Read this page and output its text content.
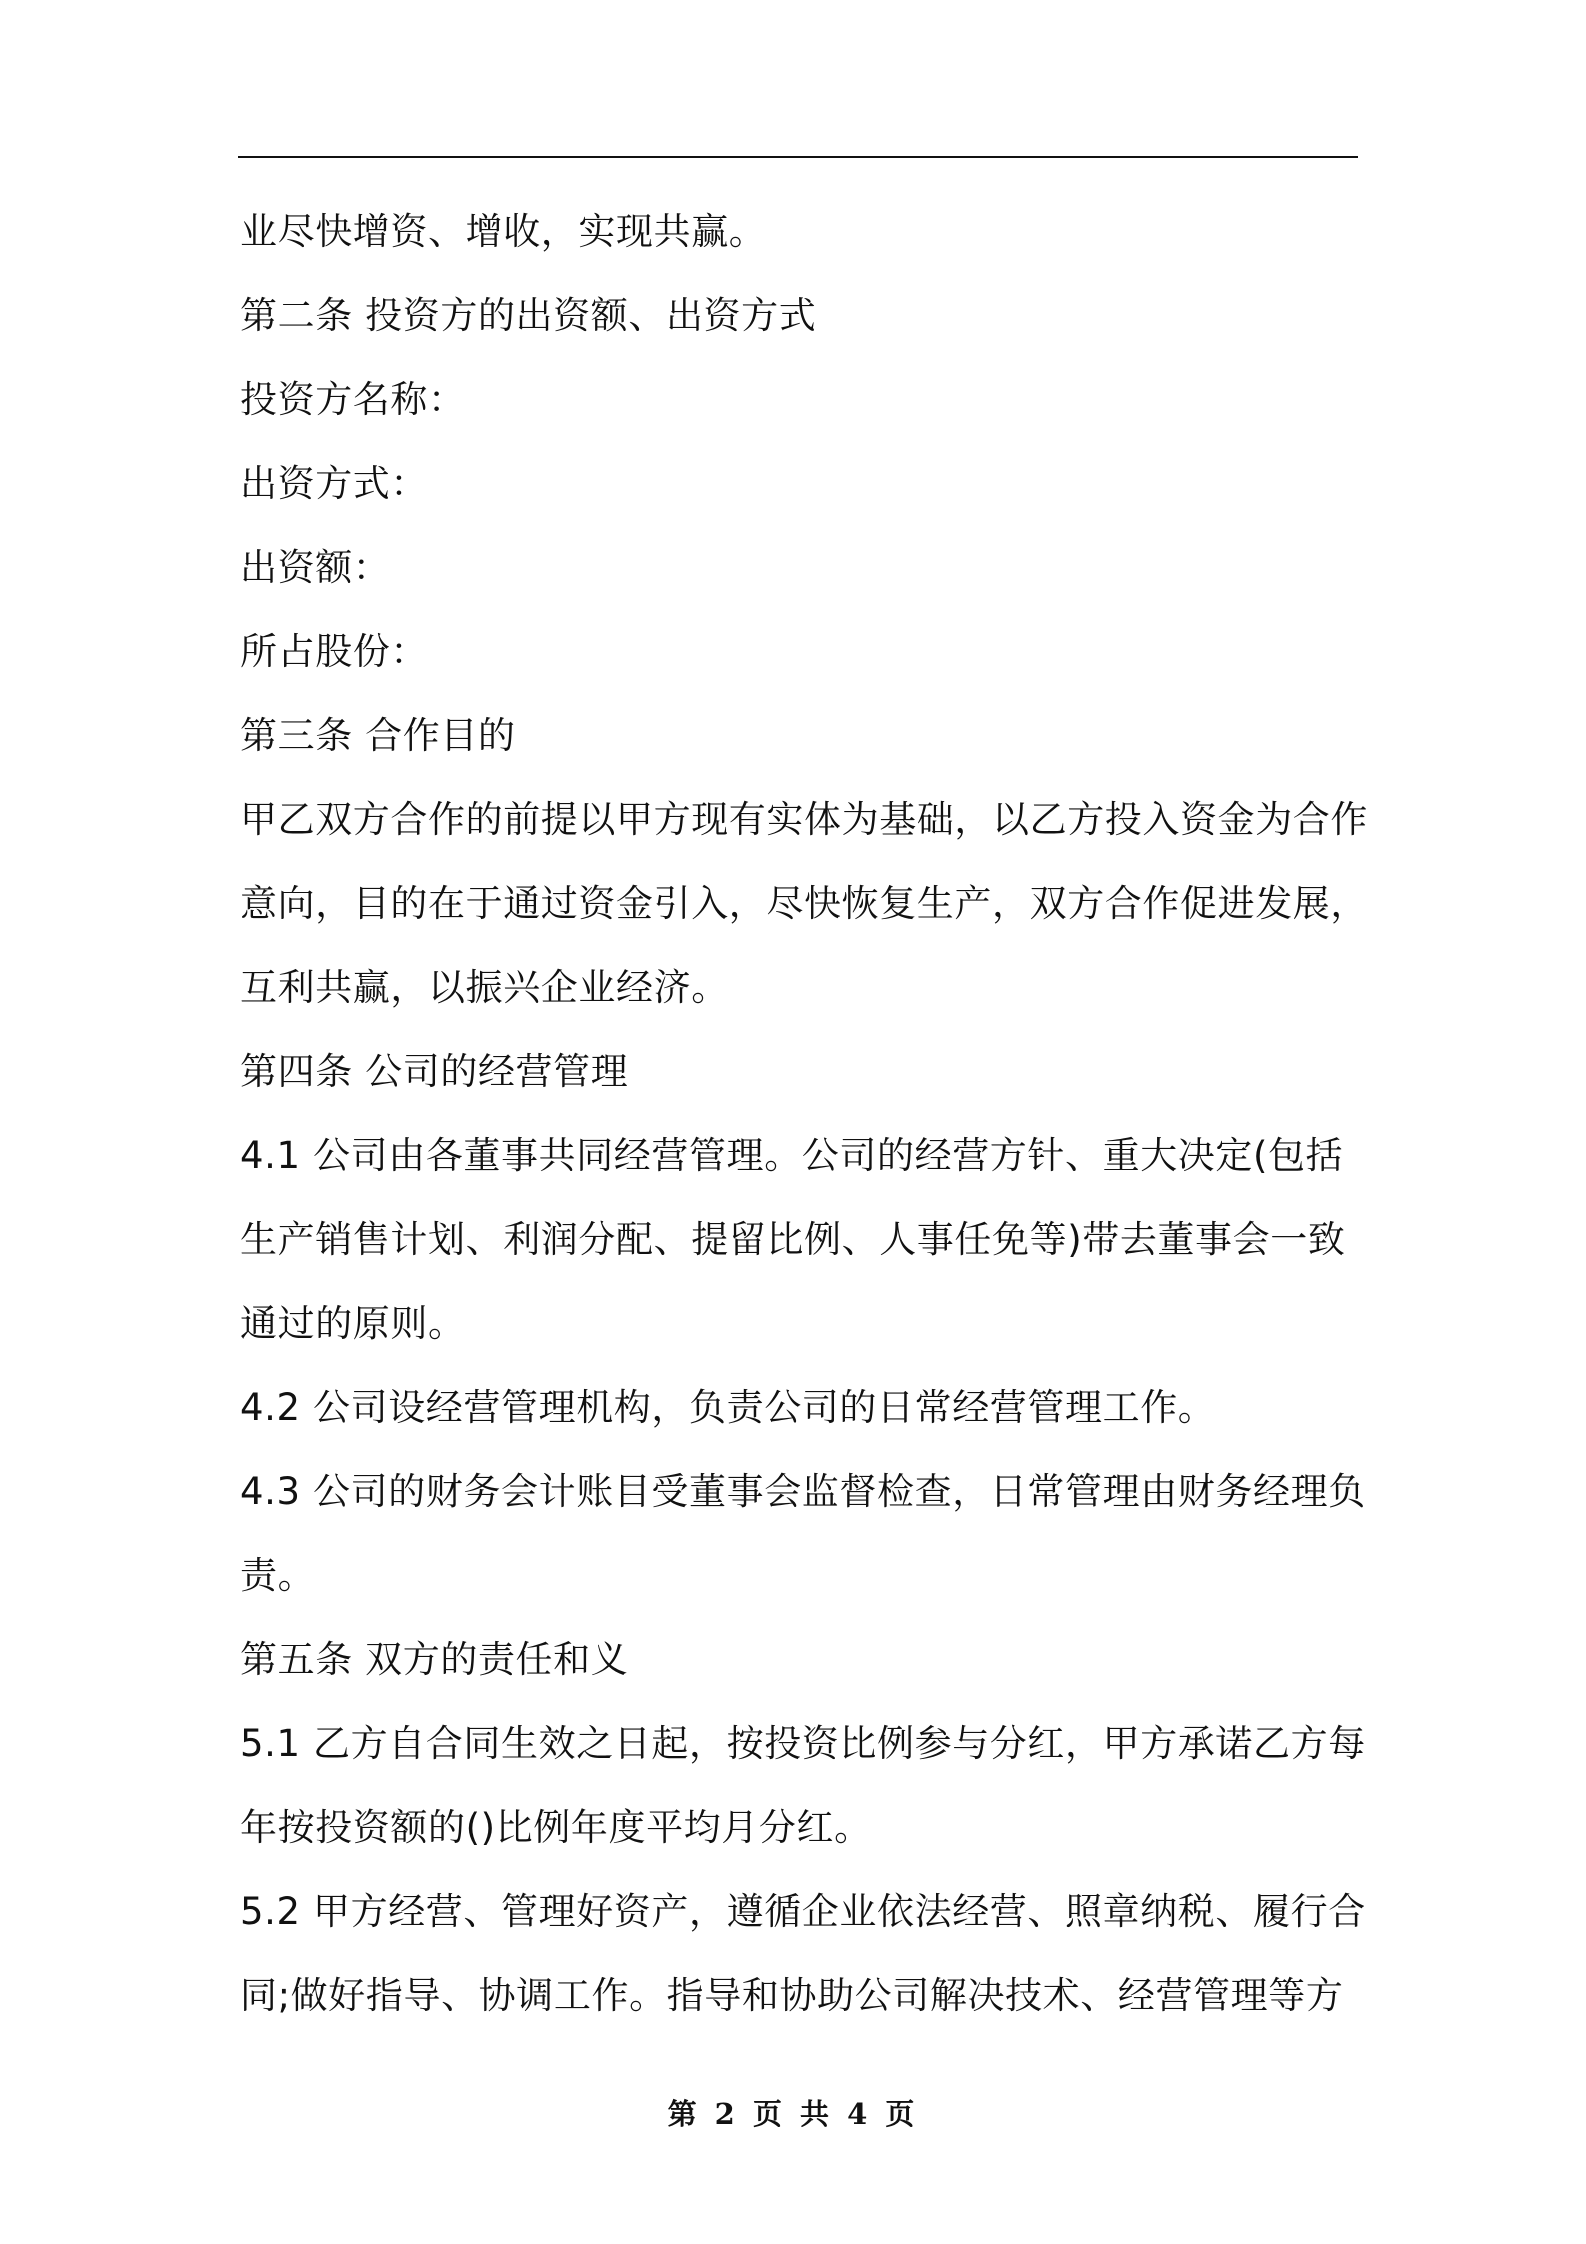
业尽快增资、增收，实现共赢。
第二条 投资方的出资额、出资方式
投资方名称：
出资方式：
出资额：
所占股份：
第三条 合作目的
甲乙双方合作的前提以甲方现有实体为基础，以乙方投入资金为合作
意向，目的在于通过资金引入，尽快恢复生产，双方合作促进发展，
互利共赢，以振兴企业经济。
第四条 公司的经营管理
4.1 公司由各董事共同经营管理。公司的经营方针、重大决定(包括
生产销售计划、利润分配、提留比例、人事任免等)带去董事会一致
通过的原则。
4.2 公司设经营管理机构，负责公司的日常经营管理工作。
4.3 公司的财务会计账目受董事会监督检查，日常管理由财务经理负
责。
第五条 双方的责任和义
5.1 乙方自合同生效之日起，按投资比例参与分红，甲方承诺乙方每
年按投资额的()比例年度平均月分红。
5.2 甲方经营、管理好资产，遵循企业依法经营、照章纳税、履行合
同;做好指导、协调工作。指导和协助公司解决技术、经营管理等方
第 2 页 共 4 页
